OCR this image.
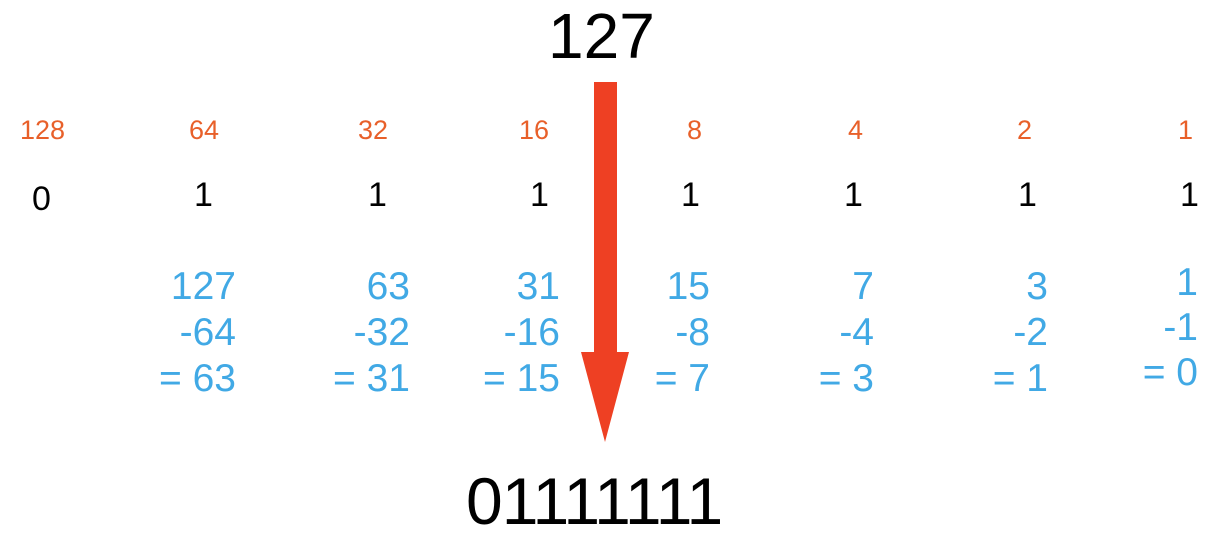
127
128	64	32	16	8	4	2	1
0	1	1	1	1	1	1	1
127
-64
= 63
63
-32
= 31
31
-16
= 15
15
-8
= 7
7
-4
= 3
3
-2
= 1
1
-1
= 0
01111111
